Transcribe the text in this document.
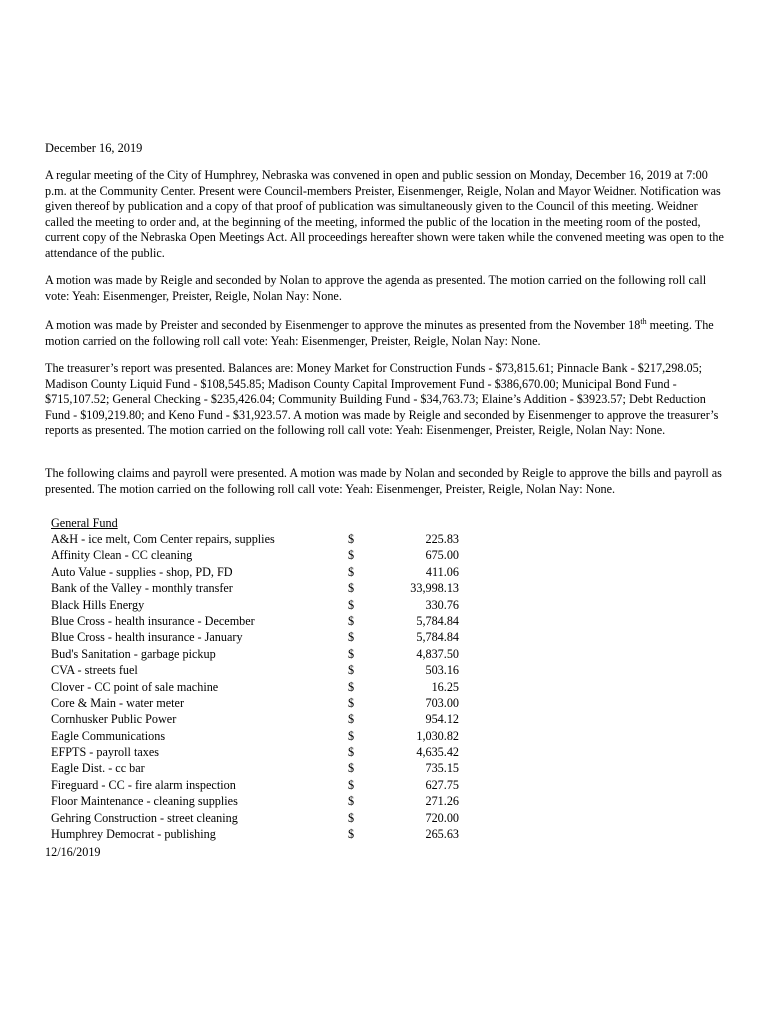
December 16, 2019

A regular meeting of the City of Humphrey, Nebraska was convened in open and public session on Monday, December 16, 2019 at 7:00 p.m. at the Community Center. Present were Council-members Preister, Eisenmenger, Reigle, Nolan and Mayor Weidner. Notification was given thereof by publication and a copy of that proof of publication was simultaneously given to the Council of this meeting. Weidner called the meeting to order and, at the beginning of the meeting, informed the public of the location in the meeting room of the posted, current copy of the Nebraska Open Meetings Act. All proceedings hereafter shown were taken while the convened meeting was open to the attendance of the public.

A motion was made by Reigle and seconded by Nolan to approve the agenda as presented. The motion carried on the following roll call vote: Yeah: Eisenmenger, Preister, Reigle, Nolan Nay: None.

A motion was made by Preister and seconded by Eisenmenger to approve the minutes as presented from the November 18th meeting. The motion carried on the following roll call vote: Yeah: Eisenmenger, Preister, Reigle, Nolan Nay: None.

The treasurer’s report was presented. Balances are: Money Market for Construction Funds - $73,815.61; Pinnacle Bank - $217,298.05; Madison County Liquid Fund - $108,545.85; Madison County Capital Improvement Fund - $386,670.00; Municipal Bond Fund - $715,107.52; General Checking - $235,426.04; Community Building Fund - $34,763.73; Elaine’s Addition - $3923.57; Debt Reduction Fund - $109,219.80; and Keno Fund - $31,923.57. A motion was made by Reigle and seconded by Eisenmenger to approve the treasurer’s reports as presented. The motion carried on the following roll call vote: Yeah: Eisenmenger, Preister, Reigle, Nolan Nay: None.

The following claims and payroll were presented. A motion was made by Nolan and seconded by Reigle to approve the bills and payroll as presented. The motion carried on the following roll call vote: Yeah: Eisenmenger, Preister, Reigle, Nolan Nay: None.

General Fund
A&H - ice melt, Com Center repairs, supplies	$	225.83
Affinity Clean - CC cleaning	$	675.00
Auto Value - supplies - shop, PD, FD	$	411.06
Bank of the Valley - monthly transfer	$	33,998.13
Black Hills Energy	$	330.76
Blue Cross - health insurance - December	$	5,784.84
Blue Cross - health insurance - January	$	5,784.84
Bud's Sanitation - garbage pickup	$	4,837.50
CVA - streets fuel	$	503.16
Clover - CC point of sale machine	$	16.25
Core & Main - water meter	$	703.00
Cornhusker Public Power	$	954.12
Eagle Communications	$	1,030.82
EFPTS - payroll taxes	$	4,635.42
Eagle Dist. - cc bar	$	735.15
Fireguard - CC - fire alarm inspection	$	627.75
Floor Maintenance - cleaning supplies	$	271.26
Gehring Construction - street cleaning	$	720.00
Humphrey Democrat - publishing	$	265.63
12/16/2019
